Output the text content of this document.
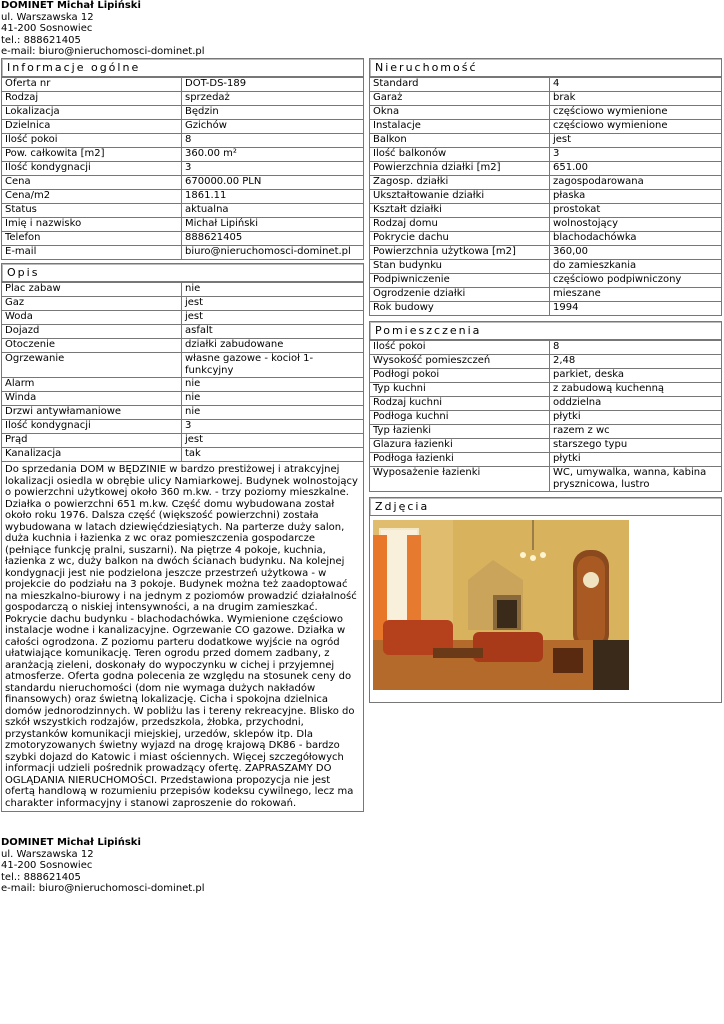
DOMINET Michał Lipiński
ul. Warszawska 12
41-200 Sosnowiec
tel.: 888621405
e-mail: biuro@nieruchomosci-dominet.pl
Informacje ogólne
Oferta nr	DOT-DS-189
Rodzaj	sprzedaż
Lokalizacja	Będzin
Dzielnica	Gzichów
Ilość pokoi	8
Pow. całkowita [m2]	360.00 m²
Ilość kondygnacji	3
Cena	670000.00 PLN
Cena/m2	1861.11
Status	aktualna
Imię i nazwisko	Michał Lipiński
Telefon	888621405
E-mail	biuro@nieruchomosci-dominet.pl
Opis
Plac zabaw	nie
Gaz	jest
Woda	jest
Dojazd	asfalt
Otoczenie	działki zabudowane
Ogrzewanie	własne gazowe - kocioł 1-funkcyjny
Alarm	nie
Winda	nie
Drzwi antywłamaniowe	nie
Ilość kondygnacji	3
Prąd	jest
Kanalizacja	tak
Do sprzedania DOM w BĘDZINIE w bardzo prestiżowej i atrakcyjnej lokalizacji osiedla w obrębie ulicy Namiarkowej. Budynek wolnostojący o powierzchni użytkowej około 360 m.kw. - trzy poziomy mieszkalne. Działka o powierzchni 651 m.kw. Część domu wybudowana został około roku 1976. Dalsza część (większość powierzchni) została wybudowana w latach dziewięćdziesiątych. Na parterze duży salon, duża kuchnia i łazienka z wc oraz pomieszczenia gospodarcze (pełniące funkcję pralni, suszarni). Na piętrze 4 pokoje, kuchnia, łazienka z wc, duży balkon na dwóch ścianach budynku. Na kolejnej kondygnacji jest nie podzielona jeszcze przestrzeń użytkowa - w projekcie do podziału na 3 pokoje. Budynek można też zaadoptować na mieszkalno-biurowy i na jednym z poziomów prowadzić działalność gospodarczą o niskiej intensywności, a na drugim zamieszkać. Pokrycie dachu budynku - blachodachówka. Wymienione częściowo instalacje wodne i kanalizacyjne. Ogrzewanie CO gazowe. Działka w całości ogrodzona. Z poziomu parteru dodatkowe wyjście na ogród ułatwiające komunikację. Teren ogrodu przed domem zadbany, z aranżacją zieleni, doskonały do wypoczynku w cichej i przyjemnej atmosferze. Oferta godna polecenia ze względu na stosunek ceny do standardu nieruchomości (dom nie wymaga dużych nakładów finansowych) oraz świetną lokalizację. Cicha i spokojna dzielnica domów jednorodzinnych. W pobliżu las i tereny rekreacyjne. Blisko do szkół wszystkich rodzajów, przedszkola, żłobka, przychodni, przystanków komunikacji miejskiej, urzedów, sklepów itp. Dla zmotoryzowanych świetny wyjazd na drogę krajową DK86 - bardzo szybki dojazd do Katowic i miast ościennych. Więcej szczegółowych informacji udzieli pośrednik prowadzący ofertę. ZAPRASZAMY DO OGLĄDANIA NIERUCHOMOŚCI. Przedstawiona propozycja nie jest ofertą handlową w rozumieniu przepisów kodeksu cywilnego, lecz ma charakter informacyjny i stanowi zaproszenie do rokowań.
Nieruchomość
Standard	4
Garaż	brak
Okna	częściowo wymienione
Instalacje	częściowo wymienione
Balkon	jest
Ilość balkonów	3
Powierzchnia działki [m2]	651.00
Zagosp. działki	zagospodarowana
Ukształtowanie działki	płaska
Kształt działki	prostokat
Rodzaj domu	wolnostojący
Pokrycie dachu	blachodachówka
Powierzchnia użytkowa [m2]	360,00
Stan budynku	do zamieszkania
Podpiwniczenie	częściowo podpiwniczony
Ogrodzenie działki	mieszane
Rok budowy	1994
Pomieszczenia
Ilość pokoi	8
Wysokość pomieszczeń	2,48
Podłogi pokoi	parkiet, deska
Typ kuchni	z zabudową kuchenną
Rodzaj kuchni	oddzielna
Podłoga kuchni	płytki
Typ łazienki	razem z wc
Glazura łazienki	starszego typu
Podłoga łazienki	płytki
Wyposażenie łazienki	WC, umywalka, wanna, kabina prysznicowa, lustro
Zdjęcia
DOMINET Michał Lipiński
ul. Warszawska 12
41-200 Sosnowiec
tel.: 888621405
e-mail: biuro@nieruchomosci-dominet.pl
